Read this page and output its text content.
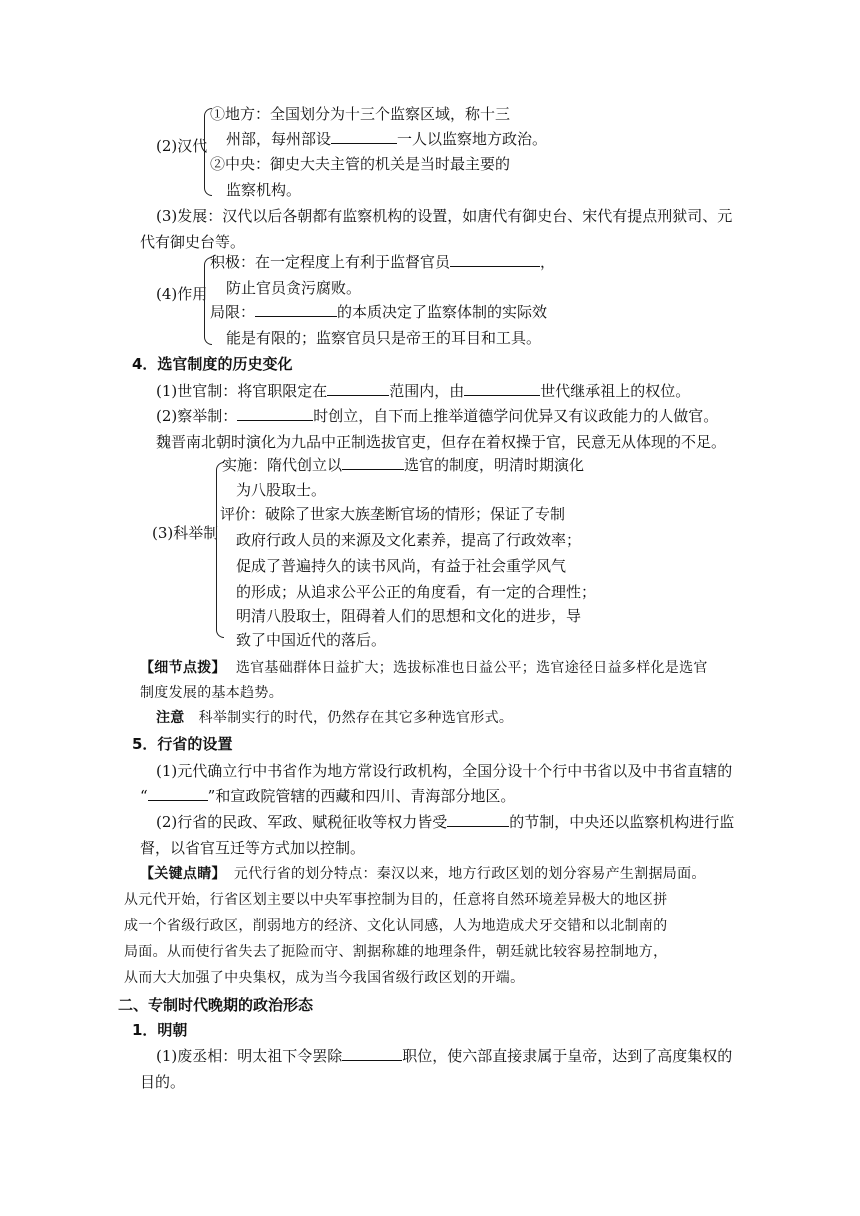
(2)汉代
①地方：全国划分为十三个监察区域，称十三
州部，每州部设	一人以监察地方政治。
②中央：御史大夫主管的机关是当时最主要的
监察机构。
(3)发展：汉代以后各朝都有监察机构的设置，如唐代有御史台、宋代有提点刑狱司、元
代有御史台等。
(4)作用
积极：在一定程度上有利于监督官员	，
防止官员贪污腐败。
局限：	的本质决定了监察体制的实际效
能是有限的；监察官员只是帝王的耳目和工具。
4．选官制度的历史变化
(1)世官制：将官职限定在	范围内，由	世代继承祖上的权位。
(2)察举制：	时创立，自下而上推举道德学问优异又有议政能力的人做官。
魏晋南北朝时演化为九品中正制选拔官吏，但存在着权操于官，民意无从体现的不足。
(3)科举制
实施：隋代创立以	选官的制度，明清时期演化
为八股取士。
评价：破除了世家大族垄断官场的情形；保证了专制
政府行政人员的来源及文化素养，提高了行政效率；
促成了普遍持久的读书风尚，有益于社会重学风气
的形成；从追求公平公正的角度看，有一定的合理性；
明清八股取士，阻碍着人们的思想和文化的进步，导
致了中国近代的落后。
【细节点拨】 选官基础群体日益扩大；选拔标准也日益公平；选官途径日益多样化是选官
制度发展的基本趋势。
注意 科举制实行的时代，仍然存在其它多种选官形式。
5．行省的设置
(1)元代确立行中书省作为地方常设行政机构，全国分设十个行中书省以及中书省直辖的
“	”和宣政院管辖的西藏和四川、青海部分地区。
(2)行省的民政、军政、赋税征收等权力皆受	的节制，中央还以监察机构进行监
督，以省官互迁等方式加以控制。
【关键点睛】 元代行省的划分特点：秦汉以来，地方行政区划的划分容易产生割据局面。
从元代开始，行省区划主要以中央军事控制为目的，任意将自然环境差异极大的地区拼
成一个省级行政区，削弱地方的经济、文化认同感，人为地造成犬牙交错和以北制南的
局面。从而使行省失去了扼险而守、割据称雄的地理条件，朝廷就比较容易控制地方，
从而大大加强了中央集权，成为当今我国省级行政区划的开端。
二、专制时代晚期的政治形态
1．明朝
(1)废丞相：明太祖下令罢除	职位，使六部直接隶属于皇帝，达到了高度集权的
目的。
